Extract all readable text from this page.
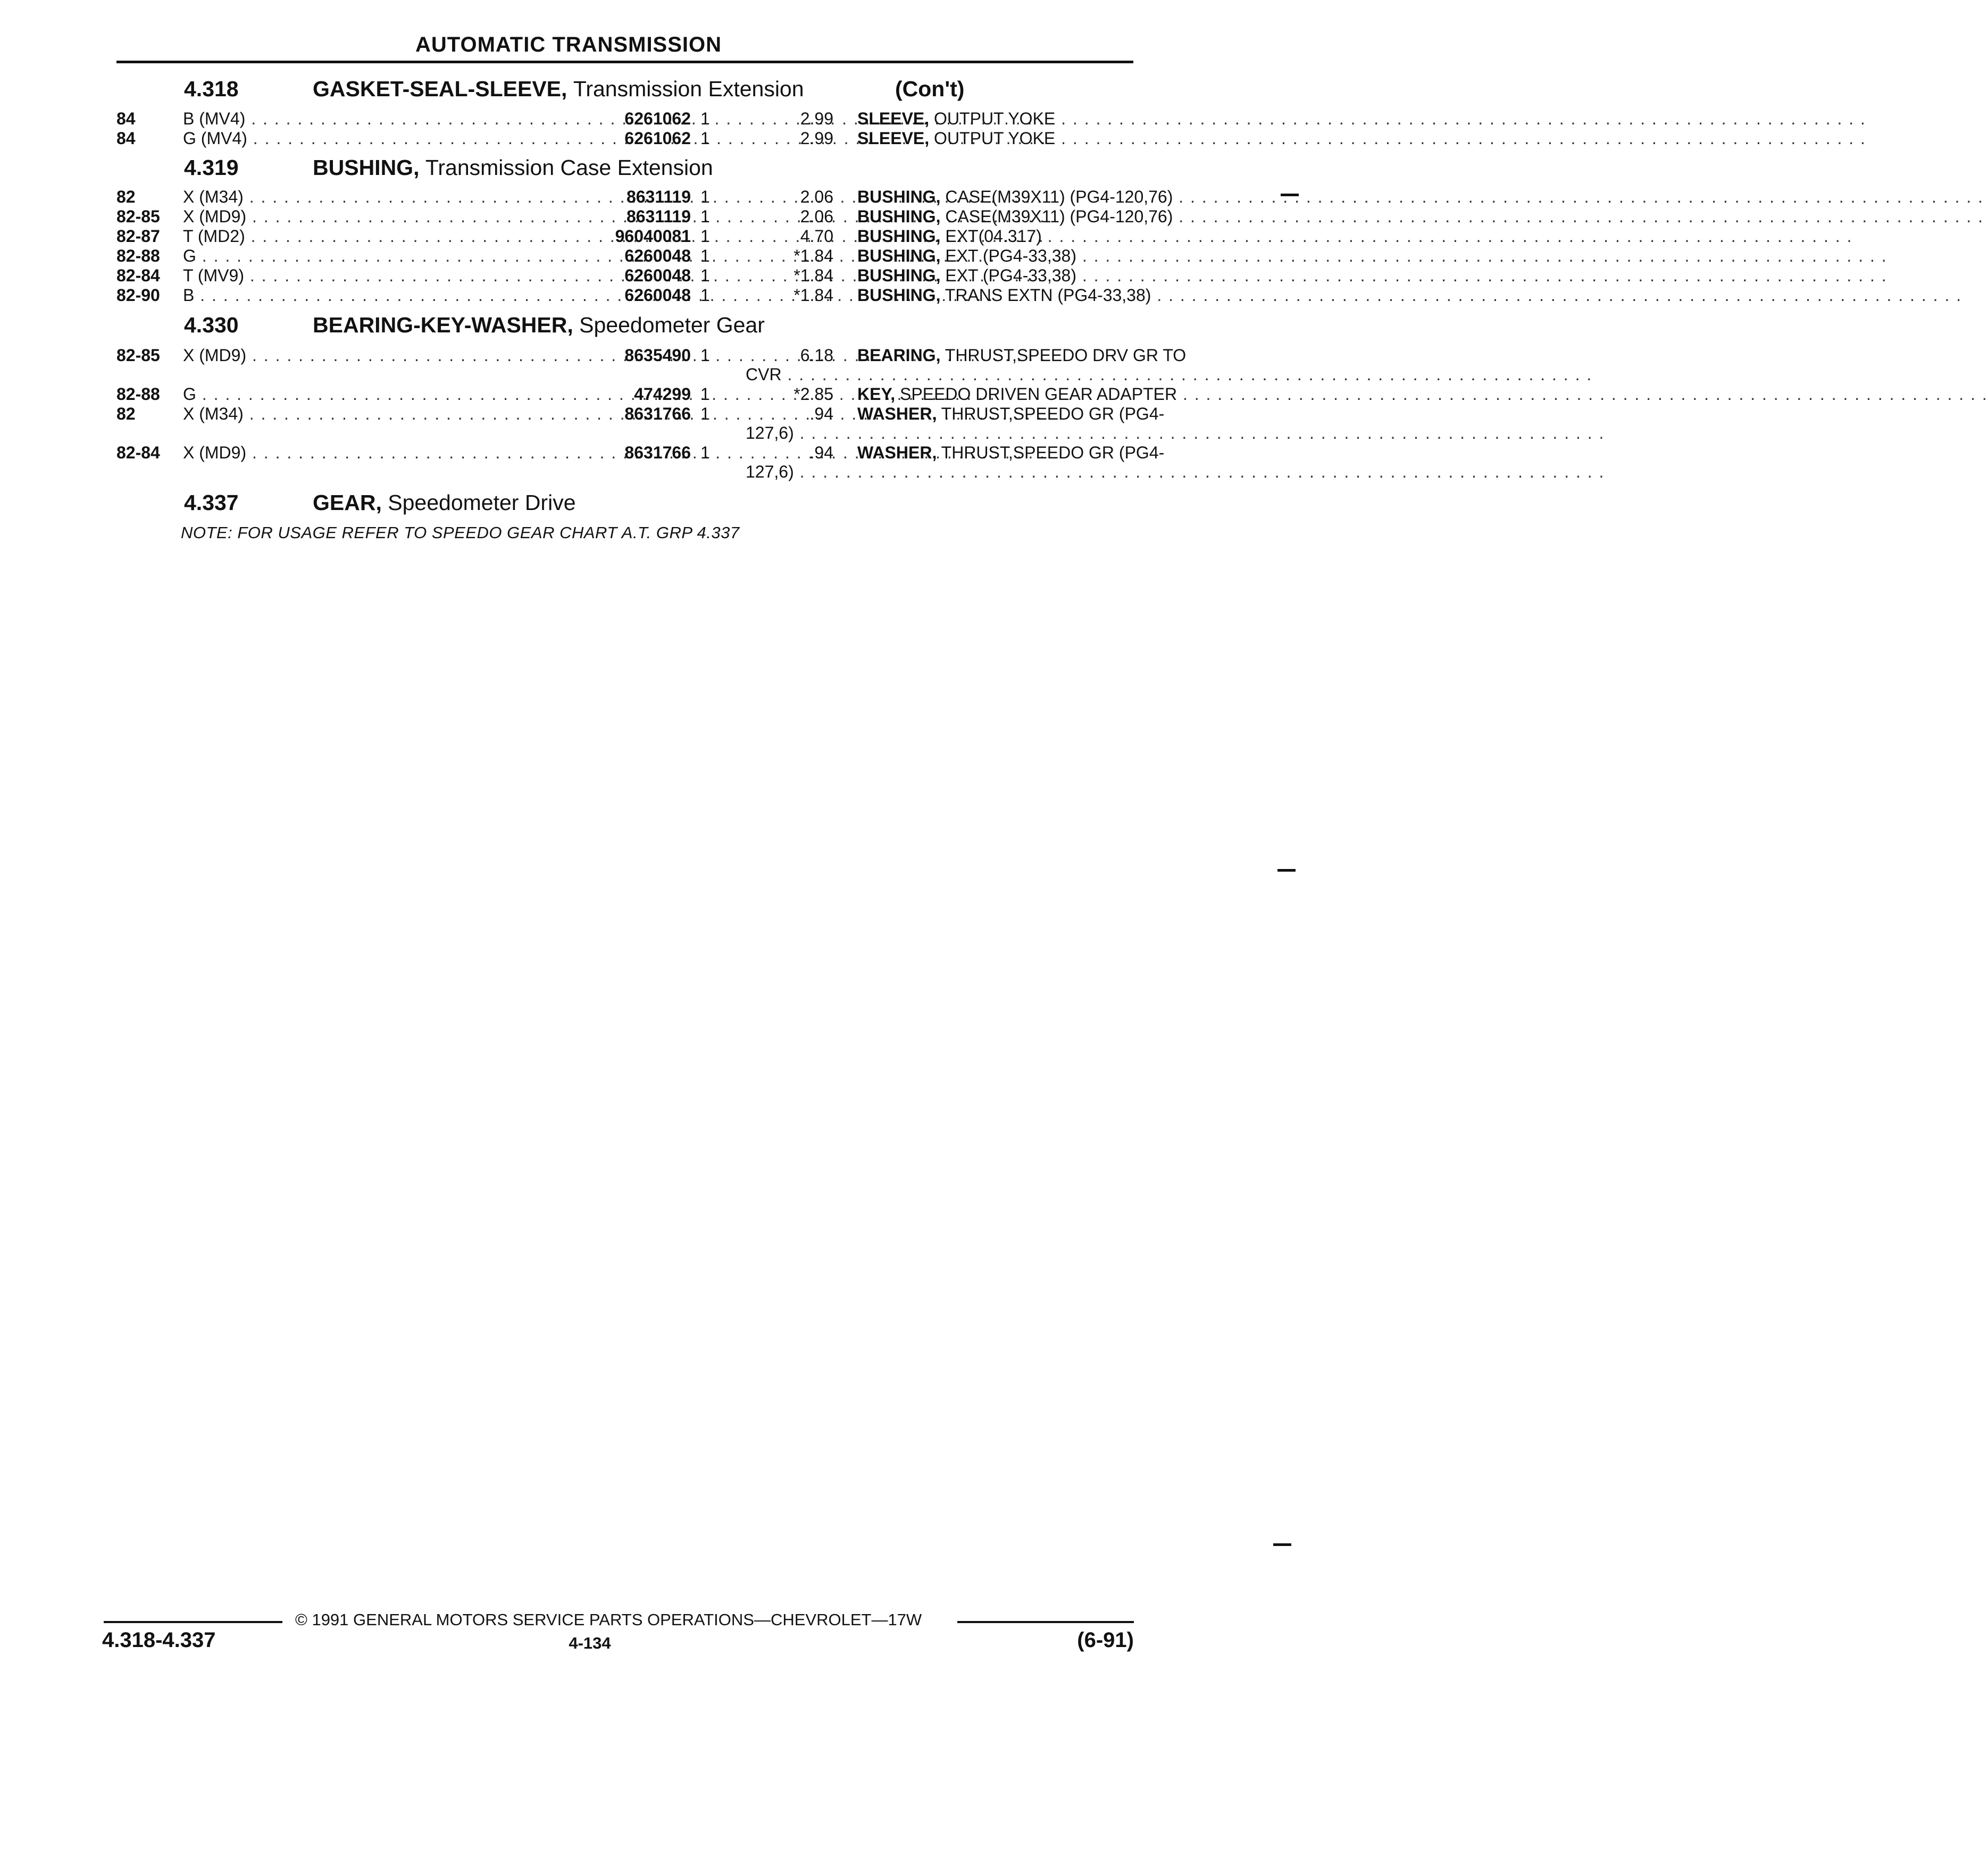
AUTOMATIC TRANSMISSION
4.318	GASKET-SEAL-SLEEVE, Transmission Extension	(Con't)
84	B (MV4) . . .	6261062 1	2.99 SLEEVE, OUTPUT YOKE . . .
84	G (MV4) . . .	6261062 1	2.99 SLEEVE, OUTPUT YOKE . . .
4.319	BUSHING, Transmission Case Extension
82	X (M34) . . .	8631119 1	2.06 BUSHING, CASE(M39X11) (PG4-120,76) . . .
82-85 X (MD9) . . .	8631119 1	2.06 BUSHING, CASE(M39X11) (PG4-120,76) . . .
82-87 T (MD2) . . .	96040081 1	4.70 BUSHING, EXT(04.317) . . .
82-88 G . . .	6260048 1	*1.84 BUSHING, EXT (PG4-33,38) . . .
82-84 T (MV9) . . .	6260048 1	*1.84 BUSHING, EXT (PG4-33,38) . . .
82-90 B . . .	6260048 1	*1.84 BUSHING, TRANS EXTN (PG4-33,38) . . .
4.330	BEARING-KEY-WASHER, Speedometer Gear
82-85 X (MD9) . . .	8635490 1	6.18 BEARING, THRUST,SPEEDO DRV GR TO
CVR . . .
82-88 G . . .	474299 1	*2.85 KEY, SPEEDO DRIVEN GEAR ADAPTER . . .
82	X (M34) . . .	8631766 1	.94 WASHER, THRUST,SPEEDO GR (PG4-
127,6) . . .
82-84 X (MD9) . . .	8631766 1	.94 WASHER, THRUST,SPEEDO GR (PG4-
127,6) . . .
4.337	GEAR, Speedometer Drive
NOTE: FOR USAGE REFER TO SPEEDO GEAR CHART A.T. GRP 4.337
© 1991 GENERAL MOTORS SERVICE PARTS OPERATIONS—CHEVROLET—17W
4.318-4.337	4-134	(6-91)
